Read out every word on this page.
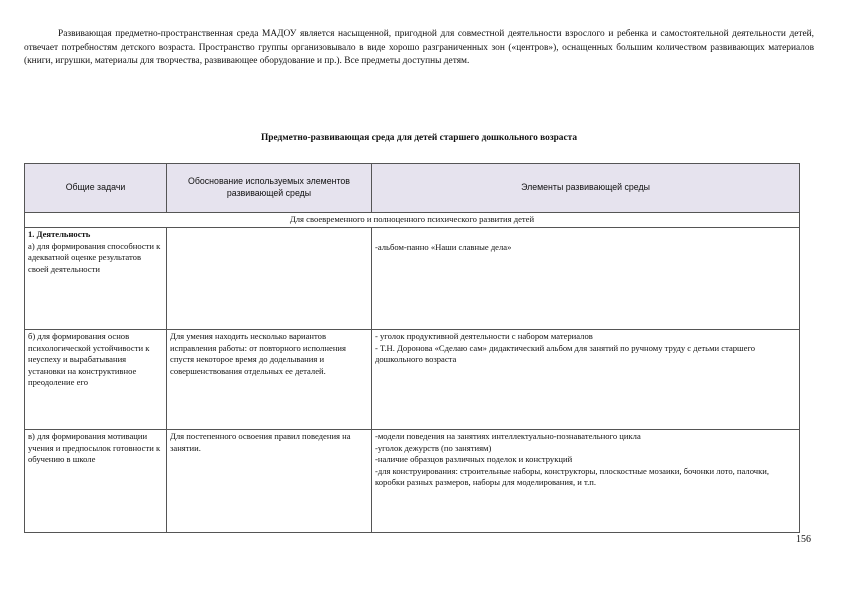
Развивающая предметно-пространственная среда МАДОУ является насыщенной, пригодной для совместной деятельности взрослого и ребенка и самостоятельной деятельности детей, отвечает потребностям детского возраста. Пространство группы организовывало в виде хорошо разграниченных зон («центров»), оснащенных большим количеством развивающих материалов (книги, игрушки, материалы для творчества, развивающее оборудование и пр.). Все предметы доступны детям.

Предметно-развивающая среда для детей старшего дошкольного возраста

Общие задачи	Обоснование используемых элементов развивающей среды	Элементы развивающей среды
Для своевременного и полноценного психического развития детей		

1. Деятельность
а) для формирования способности к адекватной оценке результатов своей деятельности		-альбом-панно «Наши славные дела»

б) для формирования основ психологической устойчивости к неуспеху и вырабатывания установки на конструктивное преодоление его	Для умения находить несколько вариантов исправления работы: от повторного исполнения спустя некоторое время до доделывания и совершенствования отдельных ее деталей.	- уголок продуктивной деятельности с набором материалов
- Т.Н. Доронова «Сделаю сам» дидактический альбом для занятий по ручному труду с детьми старшего дошкольного возраста

в) для формирования мотивации учения и предпосылок готовности к обучению в школе	Для постепенного освоения правил поведения на занятии.	-модели поведения на занятиях интеллектуально-познавательного цикла
-уголок дежурств (по занятиям)
-наличие образцов различных поделок и конструкций
-для конструирования: строительные наборы, конструкторы, плоскостные мозаики, бочонки лото, палочки, коробки разных размеров, наборы для моделирования, и т.п.

156
